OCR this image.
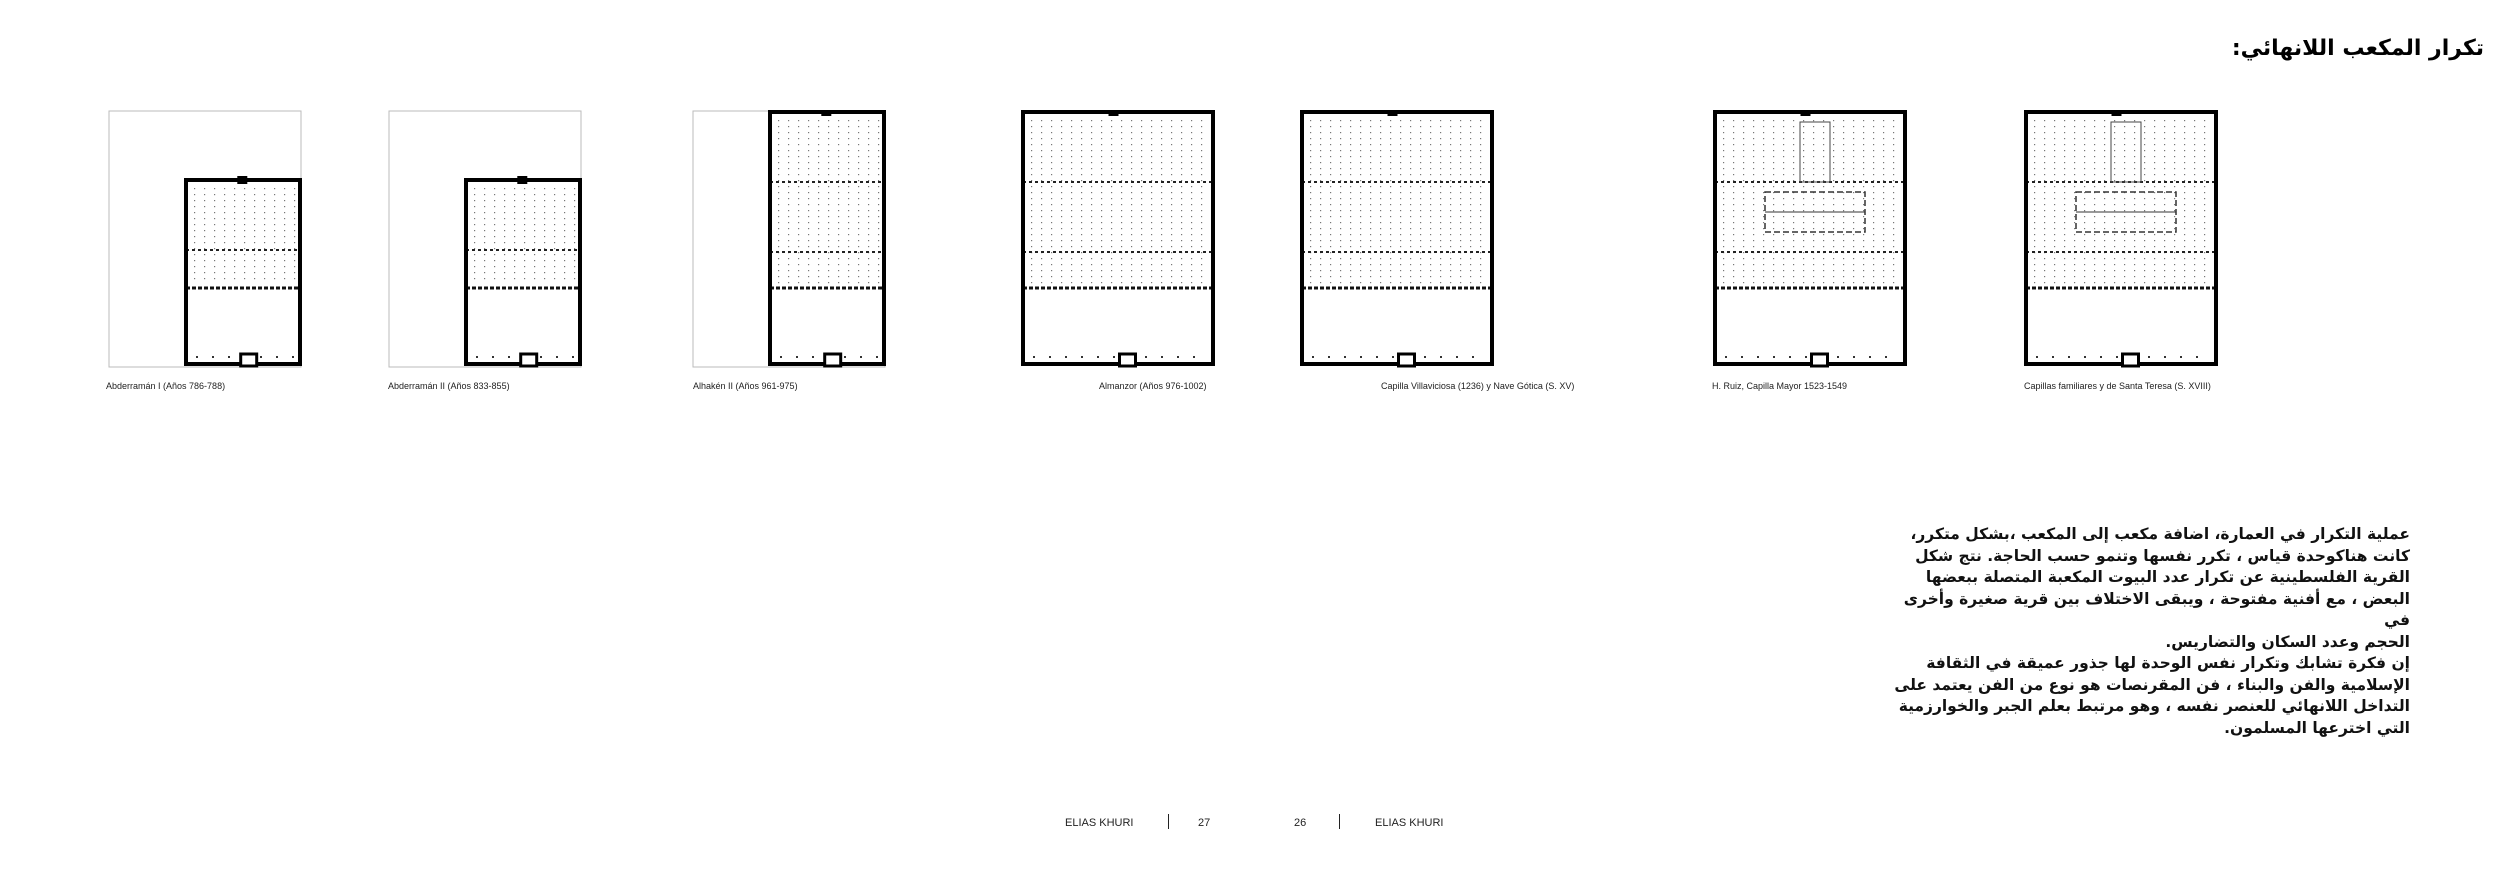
تكرار المكعب اللانهائي:
Abderramán I (Años 786-788)	Abderramán II (Años 833-855)	Alhakén II (Años 961-975)	Almanzor (Años 976-1002)	Capilla Villaviciosa (1236) y Nave Gótica (S. XV)	H. Ruiz, Capilla Mayor 1523-1549	Capillas familiares y de Santa Teresa (S. XVIII)

عملية التكرار في العمارة، اضافة مكعب إلى المكعب ،بشكل متكرر،

كانت هناكوحدة قياس ، تكرر نفسها وتنمو حسب الحاجة. نتج شكل

القرية الفلسطينية عن تكرار عدد البيوت المكعبة المتصلة ببعضها

البعض ، مع أفنية مفتوحة ، ويبقى الاختلاف بين قرية صغيرة وأخرى في

الحجم وعدد السكان والتضاريس.

إن فكرة تشابك وتكرار نفس الوحدة لها جذور عميقة في الثقافة

الإسلامية والفن والبناء ، فن المقرنصات هو نوع من الفن يعتمد على

التداخل اللانهائي للعنصر نفسه ، وهو مرتبط بعلم الجبر والخوارزمية

التي اخترعها المسلمون.

ELIAS KHURI	27	26	ELIAS KHURI
